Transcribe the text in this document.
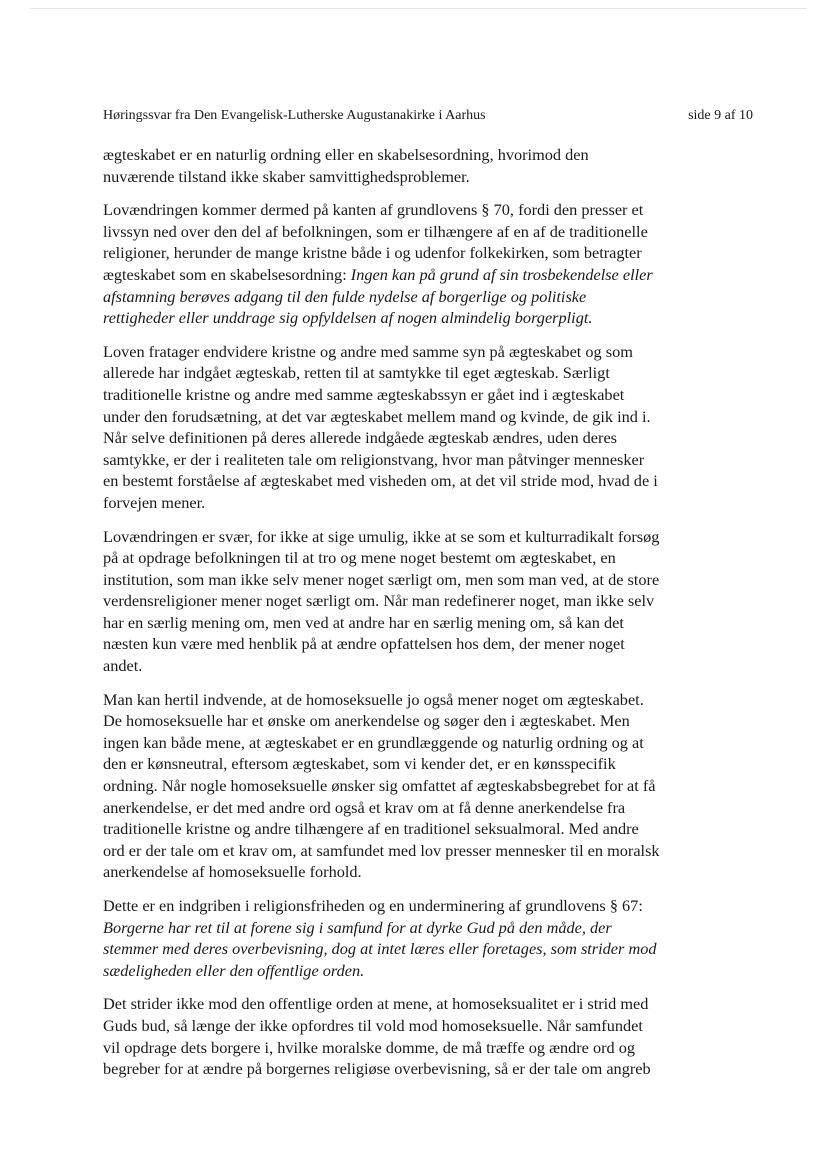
Høringssvar fra Den Evangelisk-Lutherske Augustanakirke i Aarhus	side 9 af 10

ægteskabet er en naturlig ordning eller en skabelsesordning, hvorimod den
nuværende tilstand ikke skaber samvittighedsproblemer.

Lovændringen kommer dermed på kanten af grundlovens § 70, fordi den presser et
livssyn ned over den del af befolkningen, som er tilhængere af en af de traditionelle
religioner, herunder de mange kristne både i og udenfor folkekirken, som betragter
ægteskabet som en skabelsesordning: Ingen kan på grund af sin trosbekendelse eller
afstamning berøves adgang til den fulde nydelse af borgerlige og politiske
rettigheder eller unddrage sig opfyldelsen af nogen almindelig borgerpligt.

Loven fratager endvidere kristne og andre med samme syn på ægteskabet og som
allerede har indgået ægteskab, retten til at samtykke til eget ægteskab. Særligt
traditionelle kristne og andre med samme ægteskabssyn er gået ind i ægteskabet
under den forudsætning, at det var ægteskabet mellem mand og kvinde, de gik ind i.
Når selve definitionen på deres allerede indgåede ægteskab ændres, uden deres
samtykke, er der i realiteten tale om religionstvang, hvor man påtvinger mennesker
en bestemt forståelse af ægteskabet med visheden om, at det vil stride mod, hvad de i
forvejen mener.

Lovændringen er svær, for ikke at sige umulig, ikke at se som et kulturradikalt forsøg
på at opdrage befolkningen til at tro og mene noget bestemt om ægteskabet, en
institution, som man ikke selv mener noget særligt om, men som man ved, at de store
verdensreligioner mener noget særligt om. Når man redefinerer noget, man ikke selv
har en særlig mening om, men ved at andre har en særlig mening om, så kan det
næsten kun være med henblik på at ændre opfattelsen hos dem, der mener noget
andet.

Man kan hertil indvende, at de homoseksuelle jo også mener noget om ægteskabet.
De homoseksuelle har et ønske om anerkendelse og søger den i ægteskabet. Men
ingen kan både mene, at ægteskabet er en grundlæggende og naturlig ordning og at
den er kønsneutral, eftersom ægteskabet, som vi kender det, er en kønsspecifik
ordning. Når nogle homoseksuelle ønsker sig omfattet af ægteskabsbegrebet for at få
anerkendelse, er det med andre ord også et krav om at få denne anerkendelse fra
traditionelle kristne og andre tilhængere af en traditionel seksualmoral. Med andre
ord er der tale om et krav om, at samfundet med lov presser mennesker til en moralsk
anerkendelse af homoseksuelle forhold.

Dette er en indgriben i religionsfriheden og en underminering af grundlovens § 67:
Borgerne har ret til at forene sig i samfund for at dyrke Gud på den måde, der
stemmer med deres overbevisning, dog at intet læres eller foretages, som strider mod
sædeligheden eller den offentlige orden.

Det strider ikke mod den offentlige orden at mene, at homoseksualitet er i strid med
Guds bud, så længe der ikke opfordres til vold mod homoseksuelle. Når samfundet
vil opdrage dets borgere i, hvilke moralske domme, de må træffe og ændre ord og
begreber for at ændre på borgernes religiøse overbevisning, så er der tale om angreb
